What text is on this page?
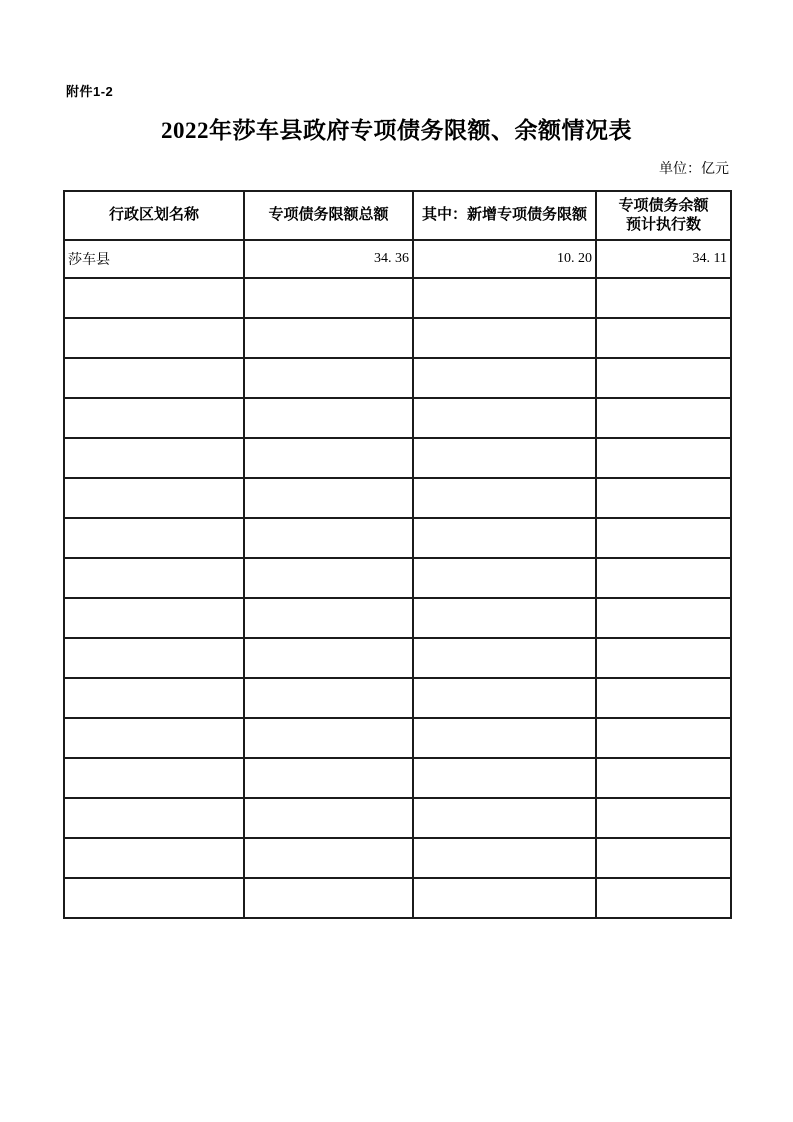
附件1-2
2022年莎车县政府专项债务限额、余额情况表
单位：亿元
行政区划名称	专项债务限额总额	其中：新增专项债务限额	专项债务余额
预计执行数
莎车县	34. 36	10. 20	34. 11
